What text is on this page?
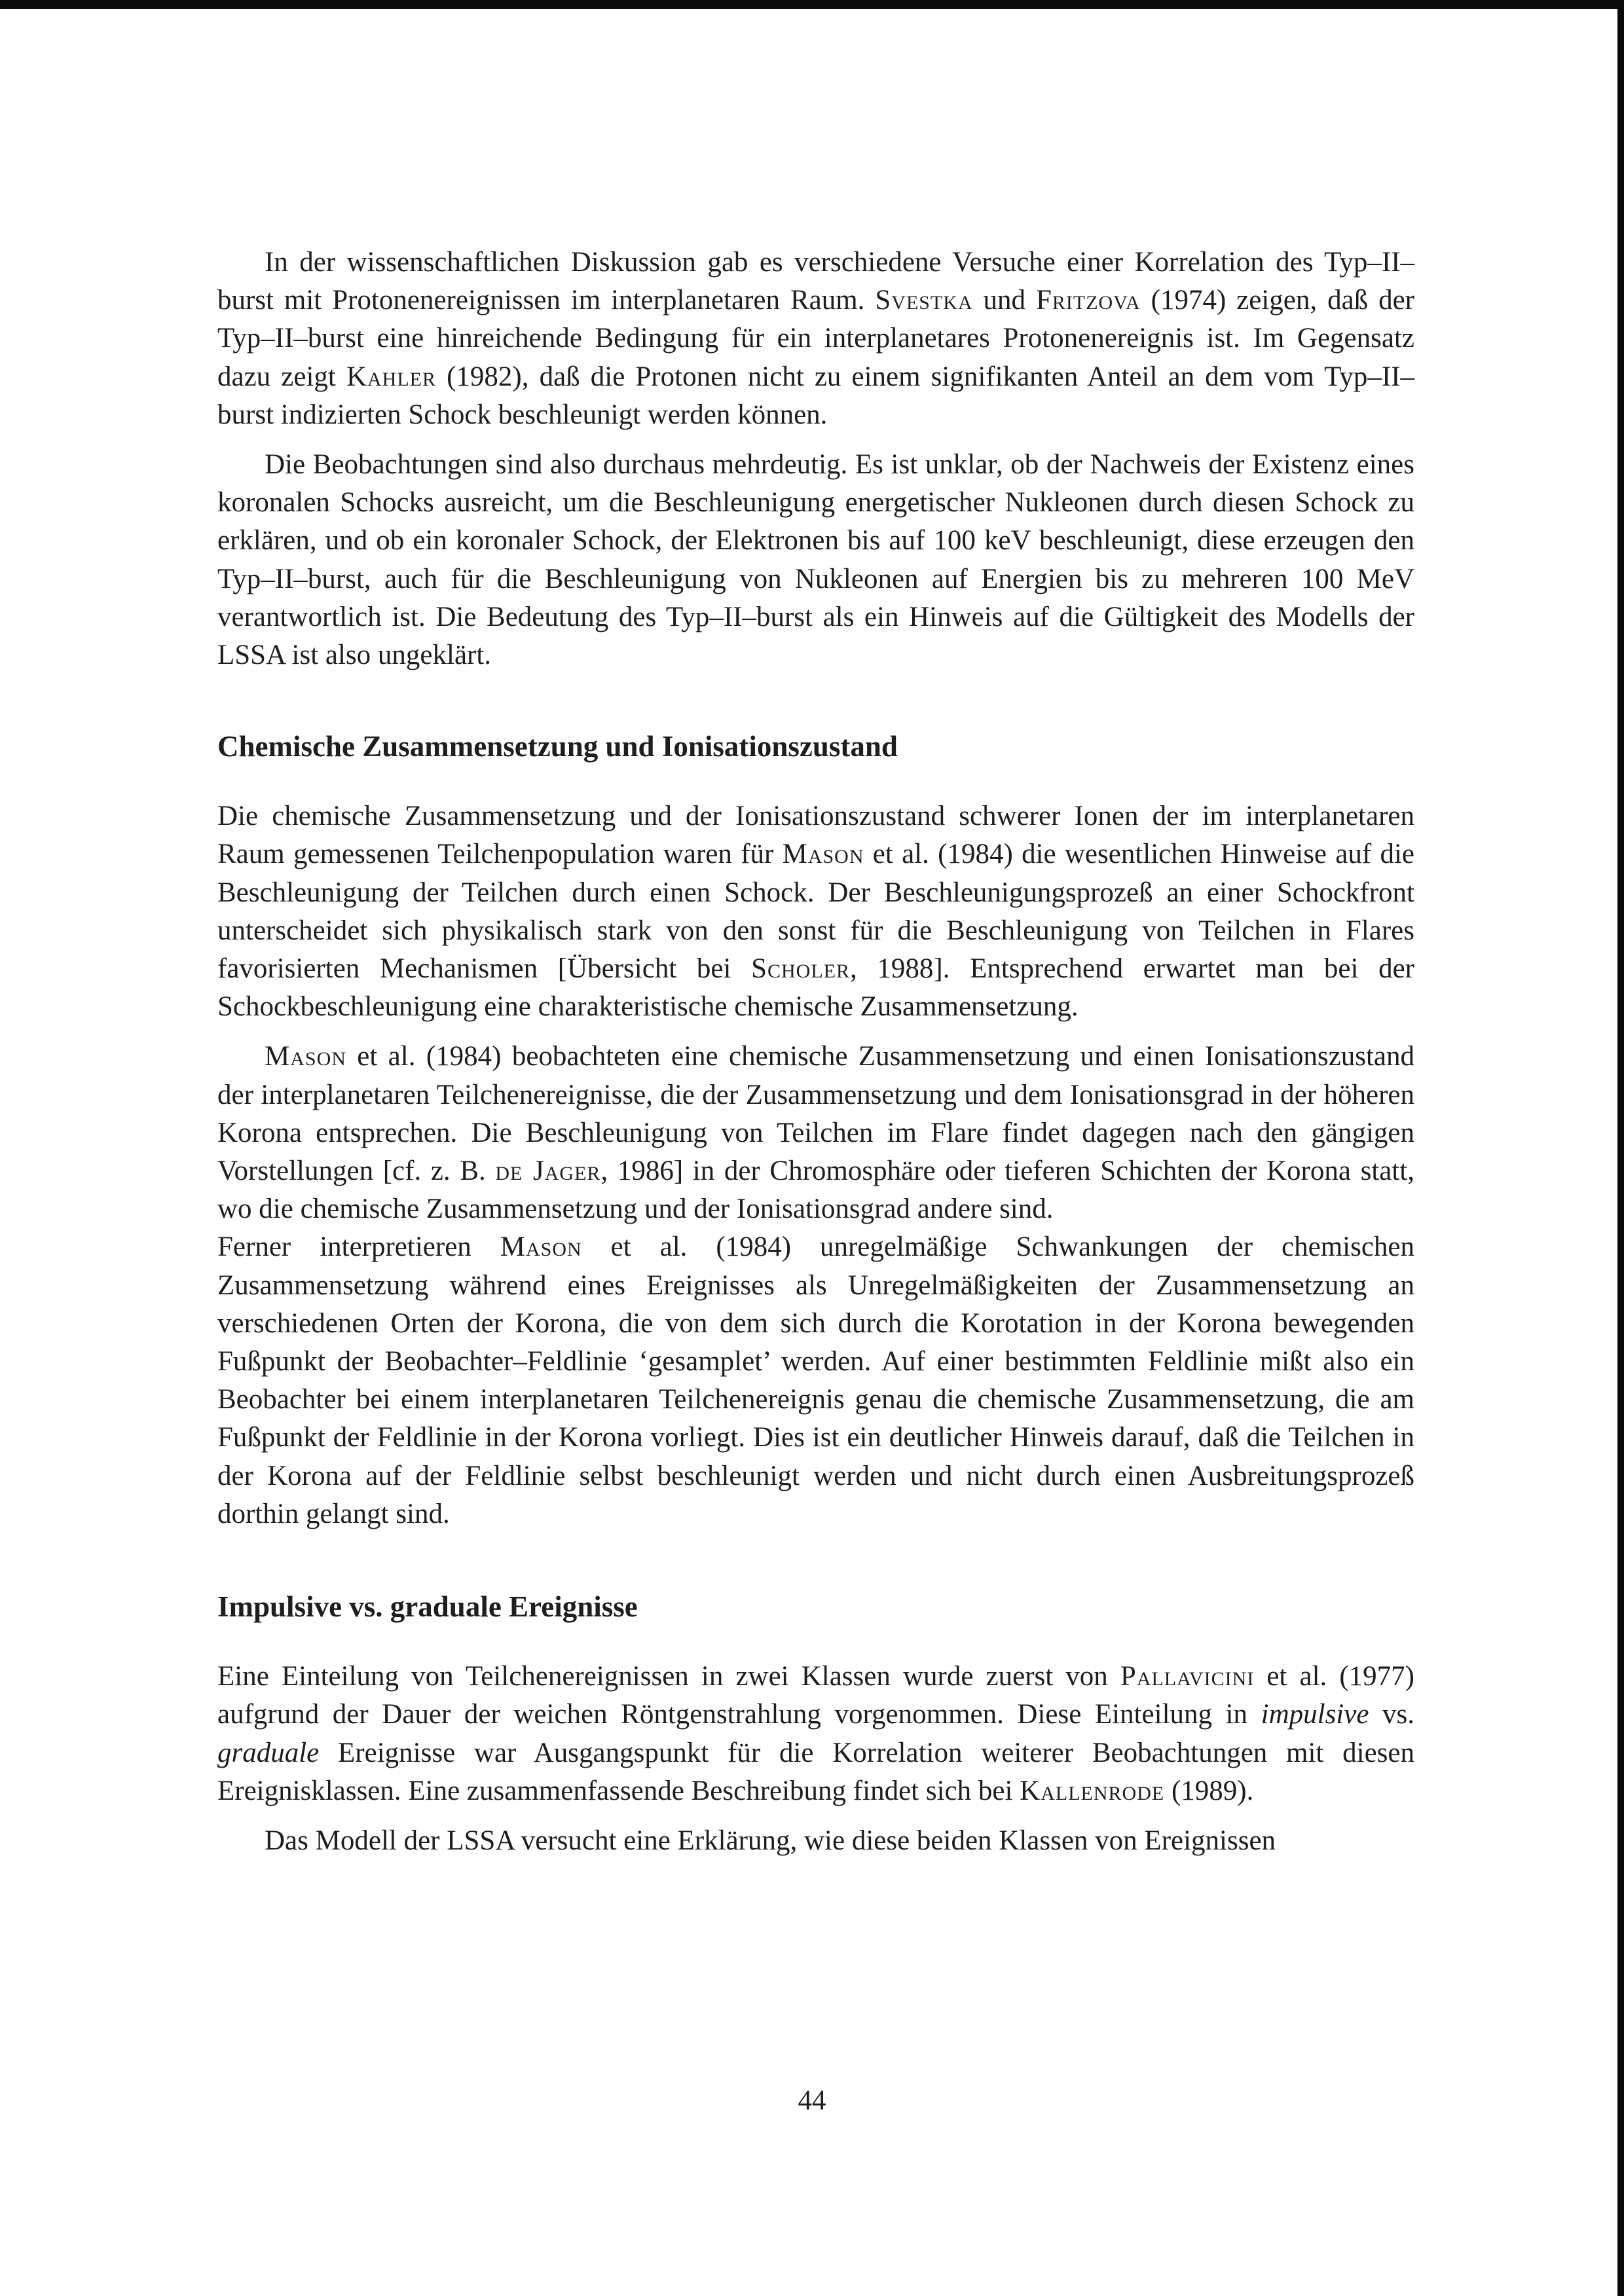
In der wissenschaftlichen Diskussion gab es verschiedene Versuche einer Korrelation des Typ–II–burst mit Protonenereignissen im interplanetaren Raum. Svestka und Fritzova (1974) zeigen, daß der Typ–II–burst eine hinreichende Bedingung für ein interplanetares Protonenereignis ist. Im Gegensatz dazu zeigt Kahler (1982), daß die Protonen nicht zu einem signifikanten Anteil an dem vom Typ–II–burst indizierten Schock beschleunigt werden können.

Die Beobachtungen sind also durchaus mehrdeutig. Es ist unklar, ob der Nachweis der Existenz eines koronalen Schocks ausreicht, um die Beschleunigung energetischer Nukleonen durch diesen Schock zu erklären, und ob ein koronaler Schock, der Elektronen bis auf 100 keV beschleunigt, diese erzeugen den Typ–II–burst, auch für die Beschleunigung von Nukleonen auf Energien bis zu mehreren 100 MeV verantwortlich ist. Die Bedeutung des Typ–II–burst als ein Hinweis auf die Gültigkeit des Modells der LSSA ist also ungeklärt.

Chemische Zusammensetzung und Ionisationszustand

Die chemische Zusammensetzung und der Ionisationszustand schwerer Ionen der im interplanetaren Raum gemessenen Teilchenpopulation waren für Mason et al. (1984) die wesentlichen Hinweise auf die Beschleunigung der Teilchen durch einen Schock. Der Beschleunigungsprozeß an einer Schockfront unterscheidet sich physikalisch stark von den sonst für die Beschleunigung von Teilchen in Flares favorisierten Mechanismen [Übersicht bei Scholer, 1988]. Entsprechend erwartet man bei der Schockbeschleunigung eine charakteristische chemische Zusammensetzung.

Mason et al. (1984) beobachteten eine chemische Zusammensetzung und einen Ionisationszustand der interplanetaren Teilchenereignisse, die der Zusammensetzung und dem Ionisationsgrad in der höheren Korona entsprechen. Die Beschleunigung von Teilchen im Flare findet dagegen nach den gängigen Vorstellungen [cf. z. B. de Jager, 1986] in der Chromosphäre oder tieferen Schichten der Korona statt, wo die chemische Zusammensetzung und der Ionisationsgrad andere sind.

Ferner interpretieren Mason et al. (1984) unregelmäßige Schwankungen der chemischen Zusammensetzung während eines Ereignisses als Unregelmäßigkeiten der Zusammensetzung an verschiedenen Orten der Korona, die von dem sich durch die Korotation in der Korona bewegenden Fußpunkt der Beobachter–Feldlinie ‘gesamplet’ werden. Auf einer bestimmten Feldlinie mißt also ein Beobachter bei einem interplanetaren Teilchenereignis genau die chemische Zusammensetzung, die am Fußpunkt der Feldlinie in der Korona vorliegt. Dies ist ein deutlicher Hinweis darauf, daß die Teilchen in der Korona auf der Feldlinie selbst beschleunigt werden und nicht durch einen Ausbreitungsprozeß dorthin gelangt sind.

Impulsive vs. graduale Ereignisse

Eine Einteilung von Teilchenereignissen in zwei Klassen wurde zuerst von Pallavicini et al. (1977) aufgrund der Dauer der weichen Röntgenstrahlung vorgenommen. Diese Einteilung in impulsive vs. graduale Ereignisse war Ausgangspunkt für die Korrelation weiterer Beobachtungen mit diesen Ereignisklassen. Eine zusammenfassende Beschreibung findet sich bei Kallenrode (1989).

Das Modell der LSSA versucht eine Erklärung, wie diese beiden Klassen von Ereignissen

44
